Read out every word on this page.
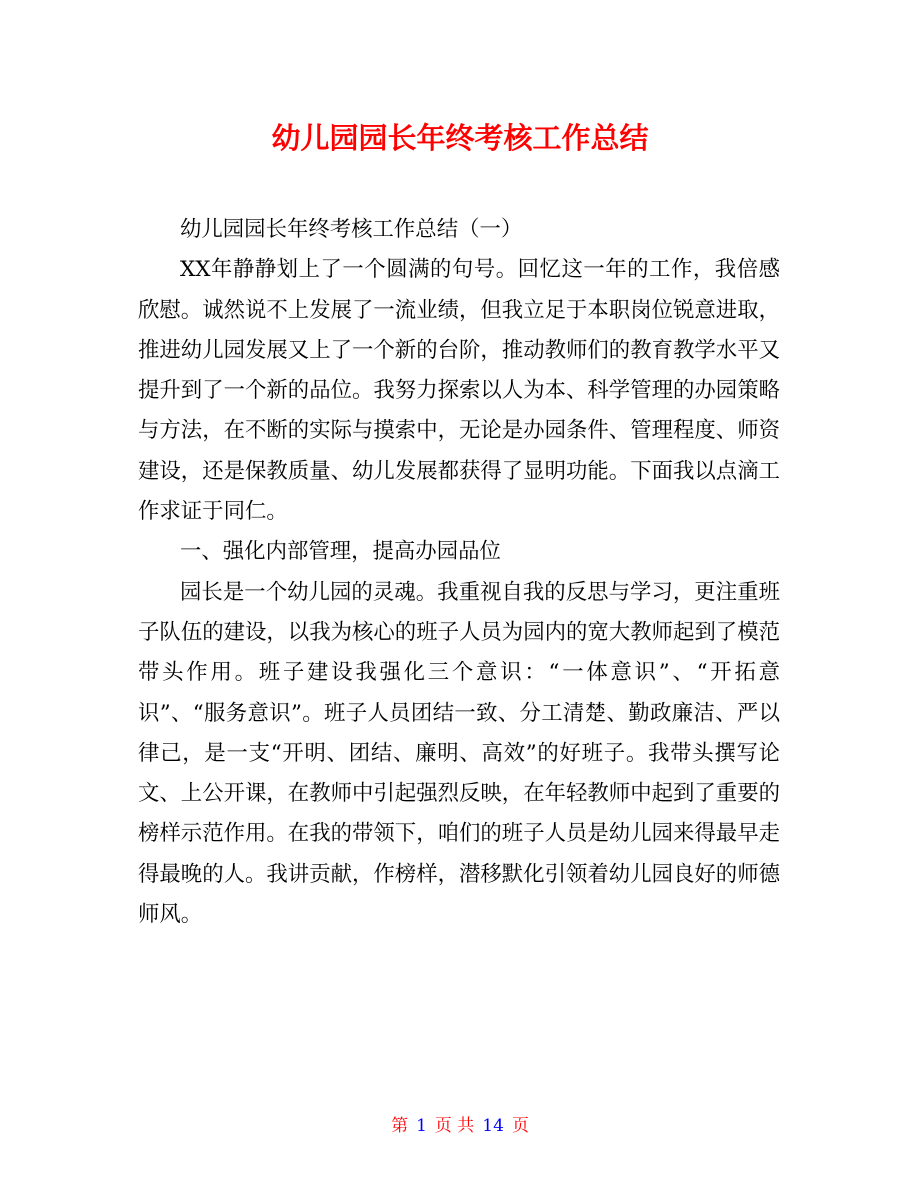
幼儿园园长年终考核工作总结

幼儿园园长年终考核工作总结（一）

XX年静静划上了一个圆满的句号。回忆这一年的工作，我倍感欣慰。诚然说不上发展了一流业绩，但我立足于本职岗位锐意进取，推进幼儿园发展又上了一个新的台阶，推动教师们的教育教学水平又提升到了一个新的品位。我努力探索以人为本、科学管理的办园策略与方法，在不断的实际与摸索中，无论是办园条件、管理程度、师资建设，还是保教质量、幼儿发展都获得了显明功能。下面我以点滴工作求证于同仁。

一、强化内部管理，提高办园品位

园长是一个幼儿园的灵魂。我重视自我的反思与学习，更注重班子队伍的建设，以我为核心的班子人员为园内的宽大教师起到了模范带头作用。班子建设我强化三个意识：“一体意识”、“开拓意识”、“服务意识”。班子人员团结一致、分工清楚、勤政廉洁、严以律己，是一支“开明、团结、廉明、高效”的好班子。我带头撰写论文、上公开课，在教师中引起强烈反映，在年轻教师中起到了重要的榜样示范作用。在我的带领下，咱们的班子人员是幼儿园来得最早走得最晚的人。我讲贡献，作榜样，潜移默化引领着幼儿园良好的师德师风。

第 1 页 共 14 页
